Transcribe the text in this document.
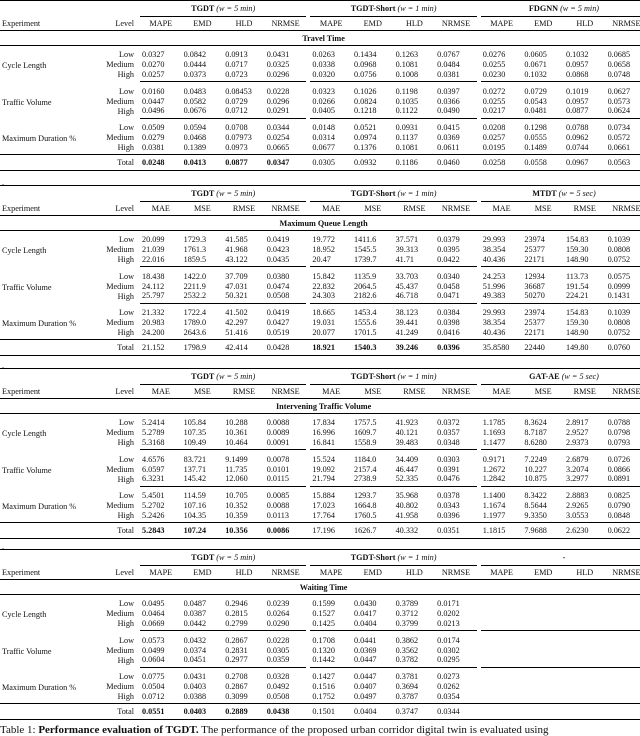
		TGDT (w = 5 min)					TGDT-Short (w = 1 min)					FDGNN (w = 5 min)			
Experiment	Level	MAPE	EMD	HLD	NRMSE		MAPE	EMD	HLD	NRMSE		MAPE	EMD	HLD	NRMSE
Travel Time															
Cycle Length	Low	0.0327	0.0842	0.0913	0.0431		0.0263	0.1434	0.1263	0.0767		0.0276	0.0605	0.1032	0.0685
	Medium	0.0270	0.0444	0.0717	0.0325		0.0338	0.0968	0.1081	0.0484		0.0255	0.0671	0.0957	0.0658
	High	0.0257	0.0373	0.0723	0.0296		0.0320	0.0756	0.1008	0.0381		0.0230	0.1032	0.0868	0.0748
Traffic Volume	Low	0.0160	0.0483	0.08453	0.0228		0.0323	0.1026	0.1198	0.0397		0.0272	0.0729	0.1019	0.0627
	Medium	0.0447	0.0582	0.0729	0.0296		0.0266	0.0824	0.1035	0.0366		0.0255	0.0543	0.0957	0.0573
	High	0.0496	0.0676	0.0712	0.0291		0.0405	0.1218	0.1122	0.0490		0.0217	0.0481	0.0877	0.0624
Maximum Duration %	Low	0.0509	0.0594	0.0708	0.0344		0.0148	0.0521	0.0931	0.0415		0.0208	0.1298	0.0788	0.0734
	Medium	0.0279	0.0468	0.07973	0.0254		0.0314	0.0974	0.1137	0.0369		0.0257	0.0555	0.0962	0.0572
	High	0.0381	0.1389	0.0973	0.0665		0.0677	0.1376	0.1081	0.0611		0.0195	0.1489	0.0744	0.0661
	Total	0.0248	0.0413	0.0877	0.0347		0.0305	0.0932	0.1186	0.0460		0.0258	0.0558	0.0967	0.0563
.
		TGDT (w = 5 min)					TGDT-Short (w = 1 min)					MTDT (w = 5 sec)			
Experiment	Level	MAE	MSE	RMSE	NRMSE		MAE	MSE	RMSE	NRMSE		MAE	MSE	RMSE	NRMSE
Maximum Queue Length															
Cycle Length	Low	20.099	1729.3	41.585	0.0419		19.772	1411.6	37.571	0.0379		29.993	23974	154.83	0.1039
	Medium	21.039	1761.3	41.968	0.0423		18.952	1545.5	39.313	0.0395		38.354	25377	159.30	0.0808
	High	22.016	1859.5	43.122	0.0435		20.47	1739.7	41.71	0.0422		40.436	22171	148.90	0.0752
Traffic Volume	Low	18.438	1422.0	37.709	0.0380		15.842	1135.9	33.703	0.0340		24.253	12934	113.73	0.0575
	Medium	24.112	2211.9	47.031	0.0474		22.832	2064.5	45.437	0.0458		51.996	36687	191.54	0.0999
	High	25.797	2532.2	50.321	0.0508		24.303	2182.6	46.718	0.0471		49.383	50270	224.21	0.1431
Maximum Duration %	Low	21.332	1722.4	41.502	0.0419		18.665	1453.4	38.123	0.0384		29.993	23974	154.83	0.1039
	Medium	20.983	1789.0	42.297	0.0427		19.031	1555.6	39.441	0.0398		38.354	25377	159.30	0.0808
	High	24.200	2643.6	51.416	0.0519		20.077	1701.5	41.249	0.0416		40.436	22171	148.90	0.0752
	Total	21.152	1798.9	42.414	0.0428		18.921	1540.3	39.246	0.0396		35.8580	22440	149.80	0.0760
.
		TGDT (w = 5 min)					TGDT-Short (w = 1 min)					GAT-AE (w = 5 sec)			
Experiment	Level	MAE	MSE	RMSE	NRMSE		MAE	MSE	RMSE	NRMSE		MAE	MSE	RMSE	NRMSE
Intervening Traffic Volume															
Cycle Length	Low	5.2414	105.84	10.288	0.0088		17.834	1757.5	41.923	0.0372		1.1785	8.3624	2.8917	0.0788
	Medium	5.2789	107.35	10.361	0.0089		16.996	1609.7	40.121	0.0357		1.1693	8.7187	2.9527	0.0798
	High	5.3168	109.49	10.464	0.0091		16.841	1558.9	39.483	0.0348		1.1477	8.6280	2.9373	0.0793
Traffic Volume	Low	4.6576	83.721	9.1499	0.0078		15.524	1184.0	34.409	0.0303		0.9171	7.2249	2.6879	0.0726
	Medium	6.0597	137.71	11.735	0.0101		19.092	2157.4	46.447	0.0391		1.2672	10.227	3.2074	0.0866
	High	6.3231	145.42	12.060	0.0115		21.794	2738.9	52.335	0.0476		1.2842	10.875	3.2977	0.0891
Maximum Duration %	Low	5.4501	114.59	10.705	0.0085		15.884	1293.7	35.968	0.0378		1.1400	8.3422	2.8883	0.0825
	Medium	5.2702	107.16	10.352	0.0088		17.023	1664.8	40.802	0.0343		1.1674	8.5644	2.9265	0.0790
	High	5.2426	104.35	10.359	0.0113		17.764	1760.5	41.958	0.0396		1.1977	9.3350	3.0553	0.0848
	Total	5.2843	107.24	10.356	0.0086		17.196	1626.7	40.332	0.0351		1.1815	7.9688	2.6230	0.0622
.
		TGDT (w = 5 min)					TGDT-Short (w = 1 min)					-			
Experiment	Level	MAPE	EMD	HLD	NRMSE		MAPE	EMD	HLD	NRMSE		MAPE	EMD	HLD	NRMSE
Waiting Time															
Cycle Length	Low	0.0495	0.0487	0.2946	0.0239		0.1599	0.0430	0.3789	0.0171					
	Medium	0.0464	0.0387	0.2815	0.0264		0.1527	0.0417	0.3712	0.0202					
	High	0.0669	0.0442	0.2799	0.0290		0.1425	0.0404	0.3799	0.0213					
Traffic Volume	Low	0.0573	0.0432	0.2867	0.0228		0.1708	0.0441	0.3862	0.0174					
	Medium	0.0499	0.0374	0.2831	0.0305		0.1320	0.0369	0.3562	0.0302					
	High	0.0604	0.0451	0.2977	0.0359		0.1442	0.0447	0.3782	0.0295					
Maximum Duration %	Low	0.0775	0.0431	0.2708	0.0328		0.1427	0.0447	0.3781	0.0273					
	Medium	0.0504	0.0403	0.2867	0.0492		0.1516	0.0407	0.3694	0.0262					
	High	0.0712	0.0388	0.3099	0.0508		0.1752	0.0497	0.3787	0.0354					
	Total	0.0551	0.0403	0.2889	0.0438		0.1501	0.0404	0.3747	0.0344					
Table 1: Performance evaluation of TGDT. The performance of the proposed urban corridor digital twin is evaluated using
